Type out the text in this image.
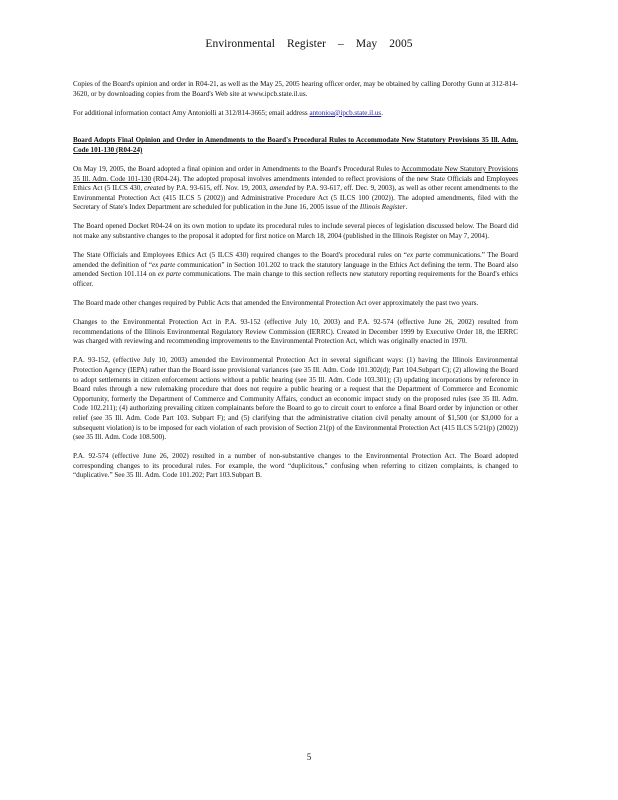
Environmental Register – May 2005

Copies of the Board's opinion and order in R04-21, as well as the May 25, 2005 hearing officer order, may be obtained by calling Dorothy Gunn at 312-814-3620, or by downloading copies from the Board's Web site at www.ipcb.state.il.us.

For additional information contact Amy Antoniolli at 312/814-3665; email address antonioa@ipcb.state.il.us.

Board Adopts Final Opinion and Order in Amendments to the Board's Procedural Rules to Accommodate New Statutory Provisions 35 Ill. Adm. Code 101-130 (R04-24)

On May 19, 2005, the Board adopted a final opinion and order in Amendments to the Board's Procedural Rules to Accommodate New Statutory Provisions 35 Ill. Adm. Code 101-130 (R04-24). The adopted proposal involves amendments intended to reflect provisions of the new State Officials and Employees Ethics Act (5 ILCS 430, created by P.A. 93-615, eff. Nov. 19, 2003, amended by P.A. 93-617, eff. Dec. 9, 2003), as well as other recent amendments to the Environmental Protection Act (415 ILCS 5 (2002)) and Administrative Procedure Act (5 ILCS 100 (2002)). The adopted amendments, filed with the Secretary of State's Index Department are scheduled for publication in the June 16, 2005 issue of the Illinois Register.

The Board opened Docket R04-24 on its own motion to update its procedural rules to include several pieces of legislation discussed below. The Board did not make any substantive changes to the proposal it adopted for first notice on March 18, 2004 (published in the Illinois Register on May 7, 2004).

The State Officials and Employees Ethics Act (5 ILCS 430) required changes to the Board's procedural rules on “ex parte communications.” The Board amended the definition of “ex parte communication” in Section 101.202 to track the statutory language in the Ethics Act defining the term. The Board also amended Section 101.114 on ex parte communications. The main change to this section reflects new statutory reporting requirements for the Board's ethics officer.

The Board made other changes required by Public Acts that amended the Environmental Protection Act over approximately the past two years.

Changes to the Environmental Protection Act in P.A. 93-152 (effective July 10, 2003) and P.A. 92-574 (effective June 26, 2002) resulted from recommendations of the Illinois Environmental Regulatory Review Commission (IERRC). Created in December 1999 by Executive Order 18, the IERRC was charged with reviewing and recommending improvements to the Environmental Protection Act, which was originally enacted in 1970.

P.A. 93-152, (effective July 10, 2003) amended the Environmental Protection Act in several significant ways: (1) having the Illinois Environmental Protection Agency (IEPA) rather than the Board issue provisional variances (see 35 Ill. Adm. Code 101.302(d); Part 104.Subpart C); (2) allowing the Board to adopt settlements in citizen enforcement actions without a public hearing (see 35 Ill. Adm. Code 103.301); (3) updating incorporations by reference in Board rules through a new rulemaking procedure that does not require a public hearing or a request that the Department of Commerce and Economic Opportunity, formerly the Department of Commerce and Community Affairs, conduct an economic impact study on the proposed rules (see 35 Ill. Adm. Code 102.211); (4) authorizing prevailing citizen complainants before the Board to go to circuit court to enforce a final Board order by injunction or other relief (see 35 Ill. Adm. Code Part 103. Subpart F); and (5) clarifying that the administrative citation civil penalty amount of $1,500 (or $3,000 for a subsequent violation) is to be imposed for each violation of each provision of Section 21(p) of the Environmental Protection Act (415 ILCS 5/21(p) (2002)) (see 35 Ill. Adm. Code 108.500).

P.A. 92-574 (effective June 26, 2002) resulted in a number of non-substantive changes to the Environmental Protection Act. The Board adopted corresponding changes to its procedural rules. For example, the word “duplicitous,” confusing when referring to citizen complaints, is changed to “duplicative.” See 35 Ill. Adm. Code 101.202; Part 103.Subpart B.

5
